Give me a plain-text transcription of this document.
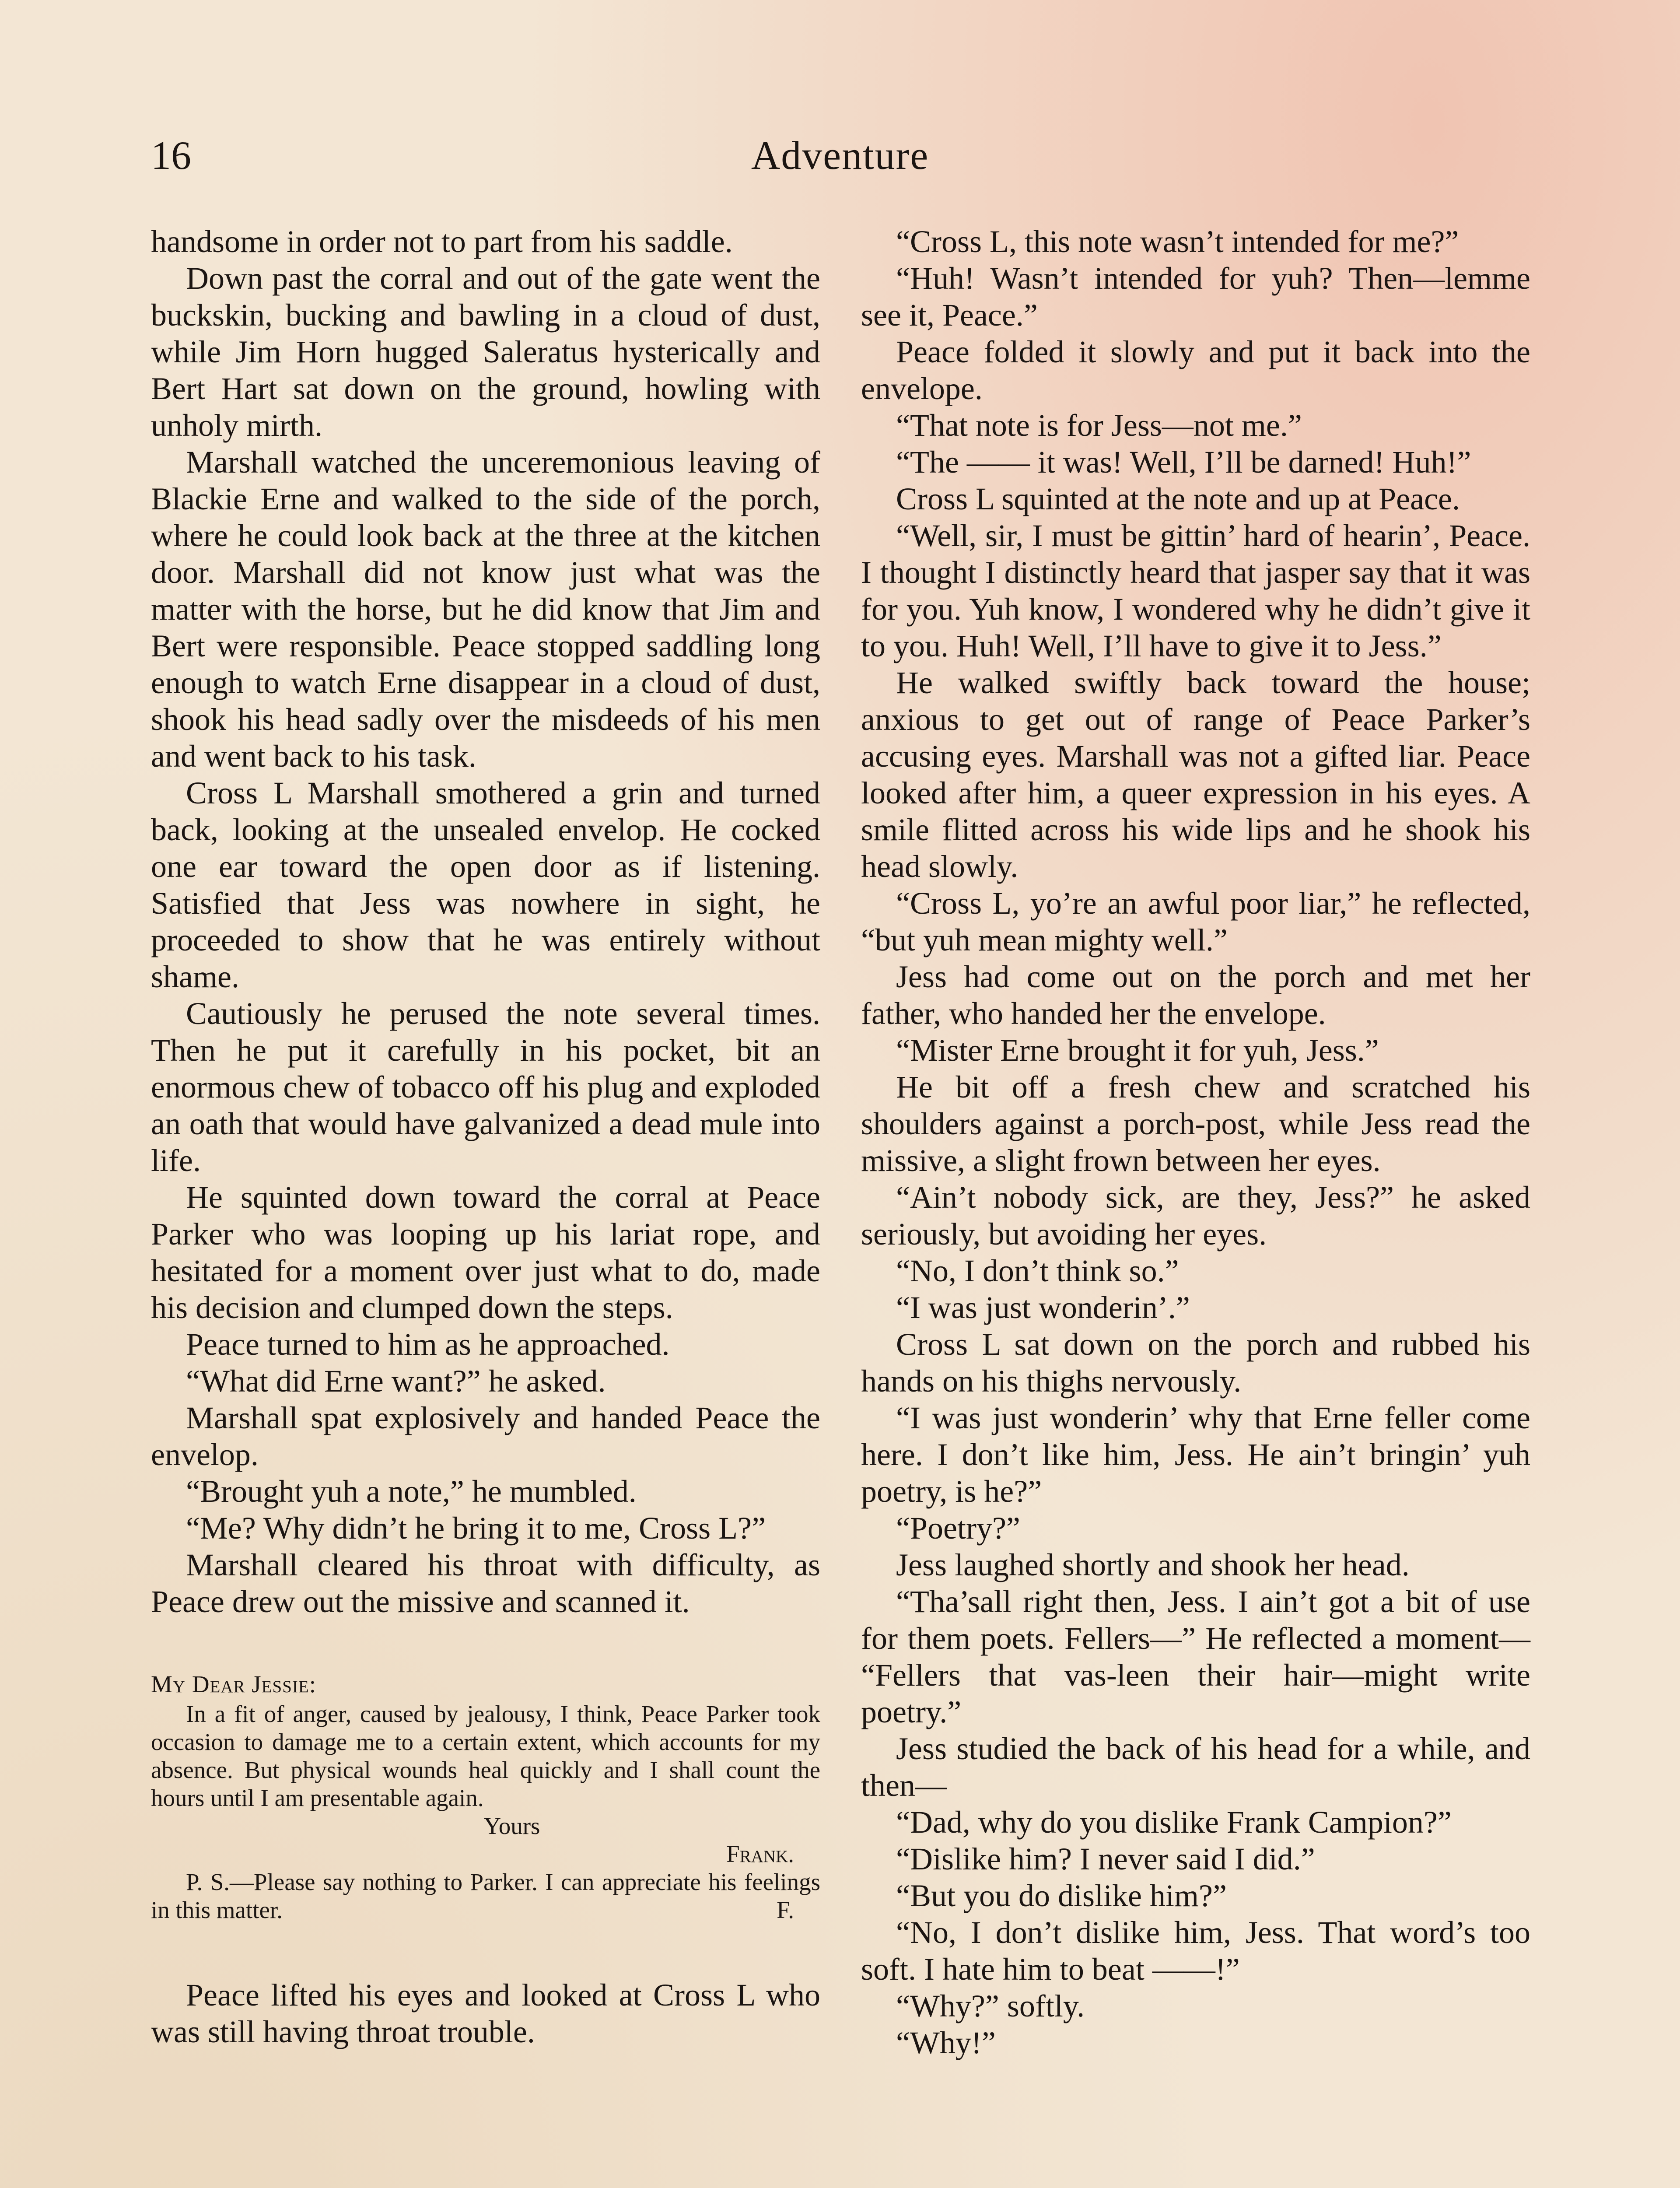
16	Adventure

handsome in order not to part from his saddle.

Down past the corral and out of the gate went the buckskin, bucking and bawling in a cloud of dust, while Jim Horn hugged Saleratus hysterically and Bert Hart sat down on the ground, howling with unholy mirth.

Marshall watched the unceremonious leaving of Blackie Erne and walked to the side of the porch, where he could look back at the three at the kitchen door. Marshall did not know just what was the matter with the horse, but he did know that Jim and Bert were responsible. Peace stopped saddling long enough to watch Erne disappear in a cloud of dust, shook his head sadly over the misdeeds of his men and went back to his task.

Cross L Marshall smothered a grin and turned back, looking at the unsealed envelop. He cocked one ear toward the open door as if listening. Satisfied that Jess was nowhere in sight, he proceeded to show that he was entirely without shame.

Cautiously he perused the note several times. Then he put it carefully in his pocket, bit an enormous chew of tobacco off his plug and exploded an oath that would have galvanized a dead mule into life.

He squinted down toward the corral at Peace Parker who was looping up his lariat rope, and hesitated for a moment over just what to do, made his decision and clumped down the steps.

Peace turned to him as he approached.

“What did Erne want?” he asked.

Marshall spat explosively and handed Peace the envelop.

“Brought yuh a note,” he mumbled.

“Me? Why didn’t he bring it to me, Cross L?”

Marshall cleared his throat with difficulty, as Peace drew out the missive and scanned it.

My Dear Jessie:

In a fit of anger, caused by jealousy, I think, Peace Parker took occasion to damage me to a certain extent, which accounts for my absence. But physical wounds heal quickly and I shall count the hours until I am presentable again.

Yours

Frank.

P. S.—Please say nothing to Parker. I can appreciate his feelings in this matter.	F.

Peace lifted his eyes and looked at Cross L who was still having throat trouble.

“Cross L, this note wasn’t intended for me?”

“Huh! Wasn’t intended for yuh? Then—lemme see it, Peace.”

Peace folded it slowly and put it back into the envelope.

“That note is for Jess—not me.”

“The —— it was! Well, I’ll be darned! Huh!”

Cross L squinted at the note and up at Peace.

“Well, sir, I must be gittin’ hard of hearin’, Peace. I thought I distinctly heard that jasper say that it was for you. Yuh know, I wondered why he didn’t give it to you. Huh! Well, I’ll have to give it to Jess.”

He walked swiftly back toward the house; anxious to get out of range of Peace Parker’s accusing eyes. Marshall was not a gifted liar. Peace looked after him, a queer expression in his eyes. A smile flitted across his wide lips and he shook his head slowly.

“Cross L, yo’re an awful poor liar,” he reflected, “but yuh mean mighty well.”

Jess had come out on the porch and met her father, who handed her the envelope.

“Mister Erne brought it for yuh, Jess.”

He bit off a fresh chew and scratched his shoulders against a porch-post, while Jess read the missive, a slight frown between her eyes.

“Ain’t nobody sick, are they, Jess?” he asked seriously, but avoiding her eyes.

“No, I don’t think so.”

“I was just wonderin’.”

Cross L sat down on the porch and rubbed his hands on his thighs nervously.

“I was just wonderin’ why that Erne feller come here. I don’t like him, Jess. He ain’t bringin’ yuh poetry, is he?”

“Poetry?”

Jess laughed shortly and shook her head.

“Tha’sall right then, Jess. I ain’t got a bit of use for them poets. Fellers—” He reflected a moment— “Fellers that vas-leen their hair—might write poetry.”

Jess studied the back of his head for a while, and then—

“Dad, why do you dislike Frank Campion?”

“Dislike him? I never said I did.”

“But you do dislike him?”

“No, I don’t dislike him, Jess. That word’s too soft. I hate him to beat ——!”

“Why?” softly.

“Why!”
